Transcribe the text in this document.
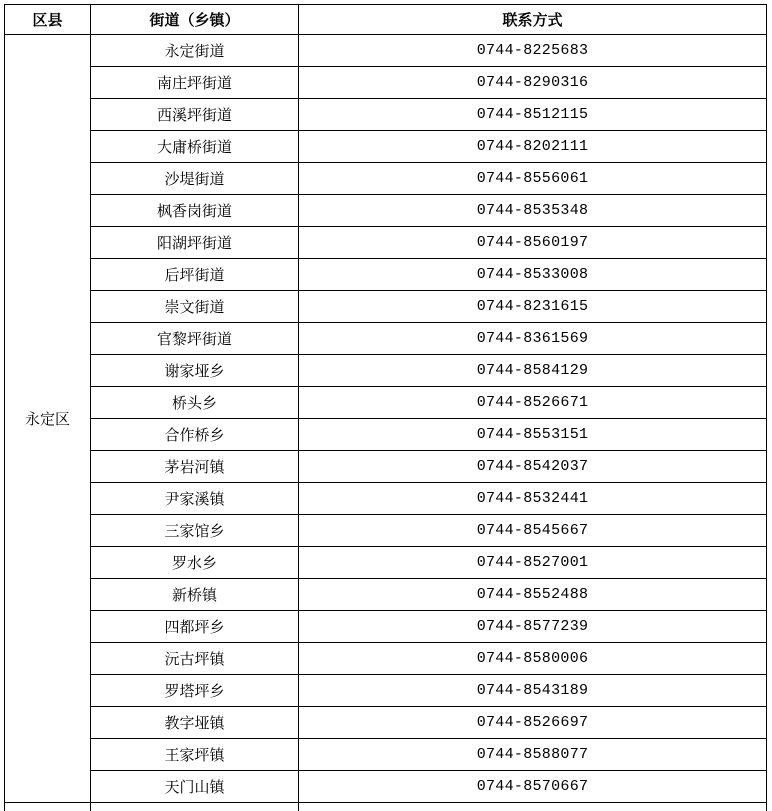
区县	街道（乡镇）	联系方式
永定区	永定街道	0744-8225683
	南庄坪街道	0744-8290316
	西溪坪街道	0744-8512115
	大庸桥街道	0744-8202111
	沙堤街道	0744-8556061
	枫香岗街道	0744-8535348
	阳湖坪街道	0744-8560197
	后坪街道	0744-8533008
	崇文街道	0744-8231615
	官黎坪街道	0744-8361569
	谢家垭乡	0744-8584129
	桥头乡	0744-8526671
	合作桥乡	0744-8553151
	茅岩河镇	0744-8542037
	尹家溪镇	0744-8532441
	三家馆乡	0744-8545667
	罗水乡	0744-8527001
	新桥镇	0744-8552488
	四都坪乡	0744-8577239
	沅古坪镇	0744-8580006
	罗塔坪乡	0744-8543189
	教字垭镇	0744-8526697
	王家坪镇	0744-8588077
	天门山镇	0744-8570667
